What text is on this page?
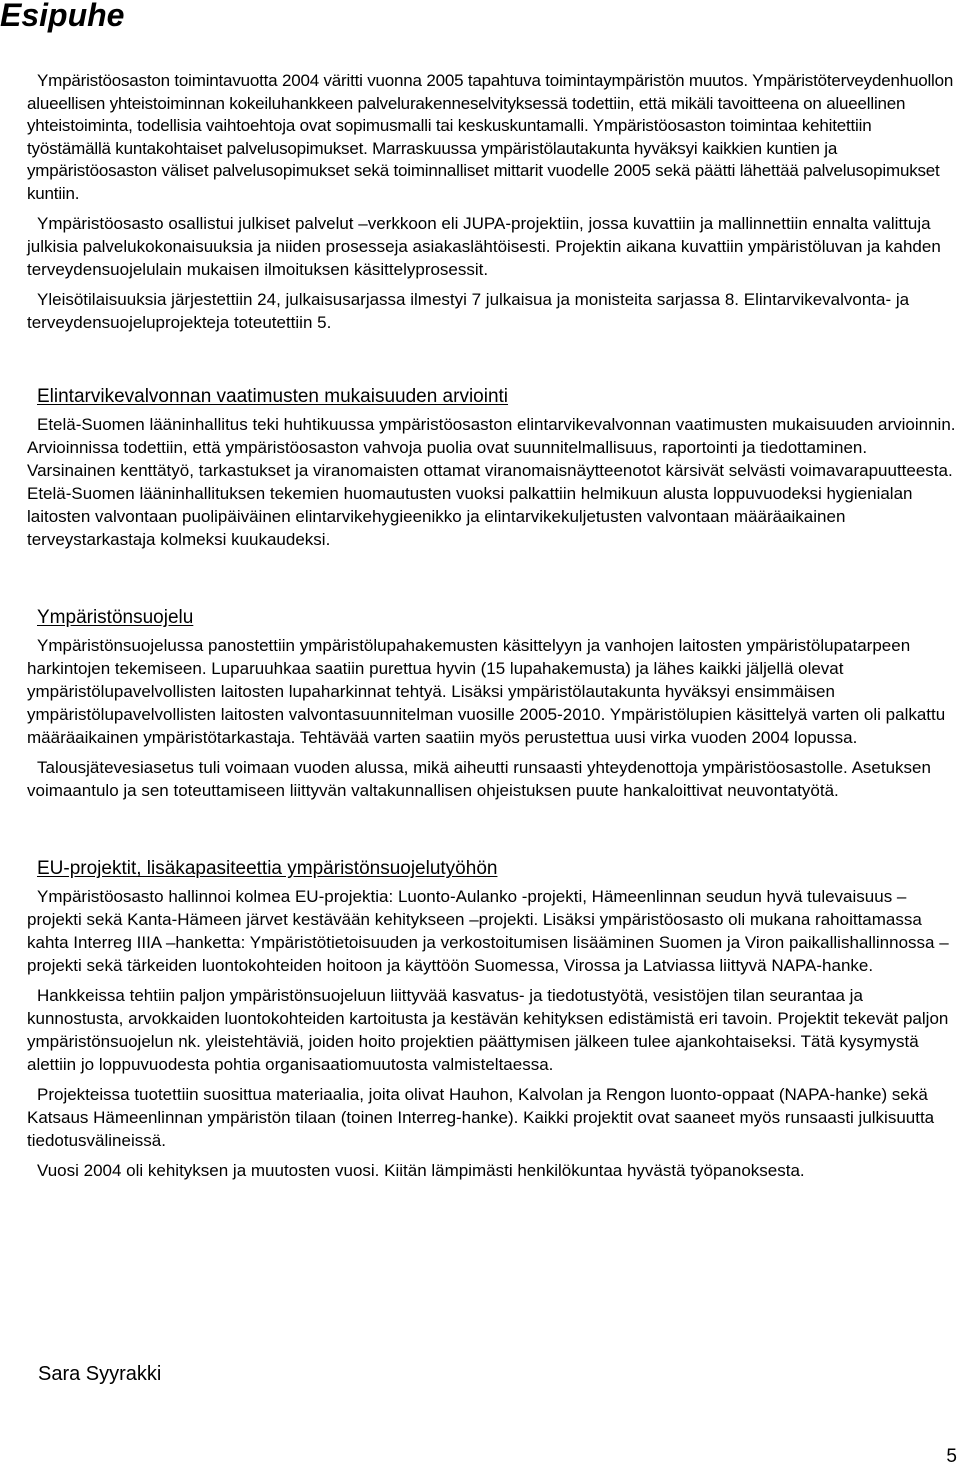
Esipuhe

Ympäristöosaston toimintavuotta 2004 väritti vuonna 2005 tapahtuva toimintaympäristön muutos. Ympäristöterveydenhuollon alueellisen yhteistoiminnan kokeiluhankkeen palvelurakenneselvityksessä todettiin, että mikäli tavoitteena on alueellinen yhteistoiminta, todellisia vaihtoehtoja ovat sopimusmalli tai keskuskuntamalli. Ympäristöosaston toimintaa kehitettiin työstämällä kuntakohtaiset palvelusopimukset. Marraskuussa ympäristölautakunta hyväksyi kaikkien kuntien ja ympäristöosaston väliset palvelusopimukset sekä toiminnalliset mittarit vuodelle 2005 sekä päätti lähettää palvelusopimukset kuntiin.

Ympäristöosasto osallistui julkiset palvelut –verkkoon eli JUPA-projektiin, jossa kuvattiin ja mallinnettiin ennalta valittuja julkisia palvelukokonaisuuksia ja niiden prosesseja asiakaslähtöisesti. Projektin aikana kuvattiin ympäristöluvan ja kahden terveydensuojelulain mukaisen ilmoituksen käsittelyprosessit.

Yleisötilaisuuksia järjestettiin 24, julkaisusarjassa ilmestyi 7 julkaisua ja monisteita sarjassa 8. Elintarvikevalvonta- ja terveydensuojeluprojekteja toteutettiin 5.

Elintarvikevalvonnan vaatimusten mukaisuuden arviointi

Etelä-Suomen lääninhallitus teki huhtikuussa ympäristöosaston elintarvikevalvonnan vaatimusten mukaisuuden arvioinnin. Arvioinnissa todettiin, että ympäristöosaston vahvoja puolia ovat suunnitelmallisuus, raportointi ja tiedottaminen. Varsinainen kenttätyö, tarkastukset ja viranomaisten ottamat viranomaisnäytteenotot kärsivät selvästi voimavarapuutteesta. Etelä-Suomen lääninhallituksen tekemien huomautusten vuoksi palkattiin helmikuun alusta loppuvuodeksi hygienialan laitosten valvontaan puolipäiväinen elintarvikehygieenikko ja elintarvikekuljetusten valvontaan määräaikainen terveystarkastaja kolmeksi kuukaudeksi.

Ympäristönsuojelu

Ympäristönsuojelussa panostettiin ympäristölupahakemusten käsittelyyn ja vanhojen laitosten ympäristölupatarpeen harkintojen tekemiseen. Luparuuhkaa saatiin purettua hyvin (15 lupahakemusta) ja lähes kaikki jäljellä olevat ympäristölupavelvollisten laitosten lupaharkinnat tehtyä. Lisäksi ympäristölautakunta hyväksyi ensimmäisen ympäristölupavelvollisten laitosten valvontasuunnitelman vuosille 2005-2010. Ympäristölupien käsittelyä varten oli palkattu määräaikainen ympäristötarkastaja. Tehtävää varten saatiin myös perustettua uusi virka vuoden 2004 lopussa.

Talousjätevesiasetus tuli voimaan vuoden alussa, mikä aiheutti runsaasti yhteydenottoja ympäristöosastolle. Asetuksen voimaantulo ja sen toteuttamiseen liittyvän valtakunnallisen ohjeistuksen puute hankaloittivat neuvontatyötä.

EU-projektit, lisäkapasiteettia ympäristönsuojelutyöhön

Ympäristöosasto hallinnoi kolmea EU-projektia: Luonto-Aulanko -projekti, Hämeenlinnan seudun hyvä tulevaisuus –projekti sekä Kanta-Hämeen järvet kestävään kehitykseen –projekti. Lisäksi ympäristöosasto oli mukana rahoittamassa kahta Interreg IIIA –hanketta: Ympäristötietoisuuden ja verkostoitumisen lisääminen Suomen ja Viron paikallishallinnossa –projekti sekä tärkeiden luontokohteiden hoitoon ja käyttöön Suomessa, Virossa ja Latviassa liittyvä NAPA-hanke.

Hankkeissa tehtiin paljon ympäristönsuojeluun liittyvää kasvatus- ja tiedotustyötä, vesistöjen tilan seurantaa ja kunnostusta, arvokkaiden luontokohteiden kartoitusta ja kestävän kehityksen edistämistä eri tavoin. Projektit tekevät paljon ympäristönsuojelun nk. yleistehtäviä, joiden hoito projektien päättymisen jälkeen tulee ajankohtaiseksi. Tätä kysymystä alettiin jo loppuvuodesta pohtia organisaatiomuutosta valmisteltaessa.

Projekteissa tuotettiin suosittua materiaalia, joita olivat Hauhon, Kalvolan ja Rengon luonto-oppaat (NAPA-hanke) sekä Katsaus Hämeenlinnan ympäristön tilaan (toinen Interreg-hanke). Kaikki projektit ovat saaneet myös runsaasti julkisuutta tiedotusvälineissä.

Vuosi 2004 oli kehityksen ja muutosten vuosi. Kiitän lämpimästi henkilökuntaa hyvästä työpanoksesta.

Sara Syyrakki
5
